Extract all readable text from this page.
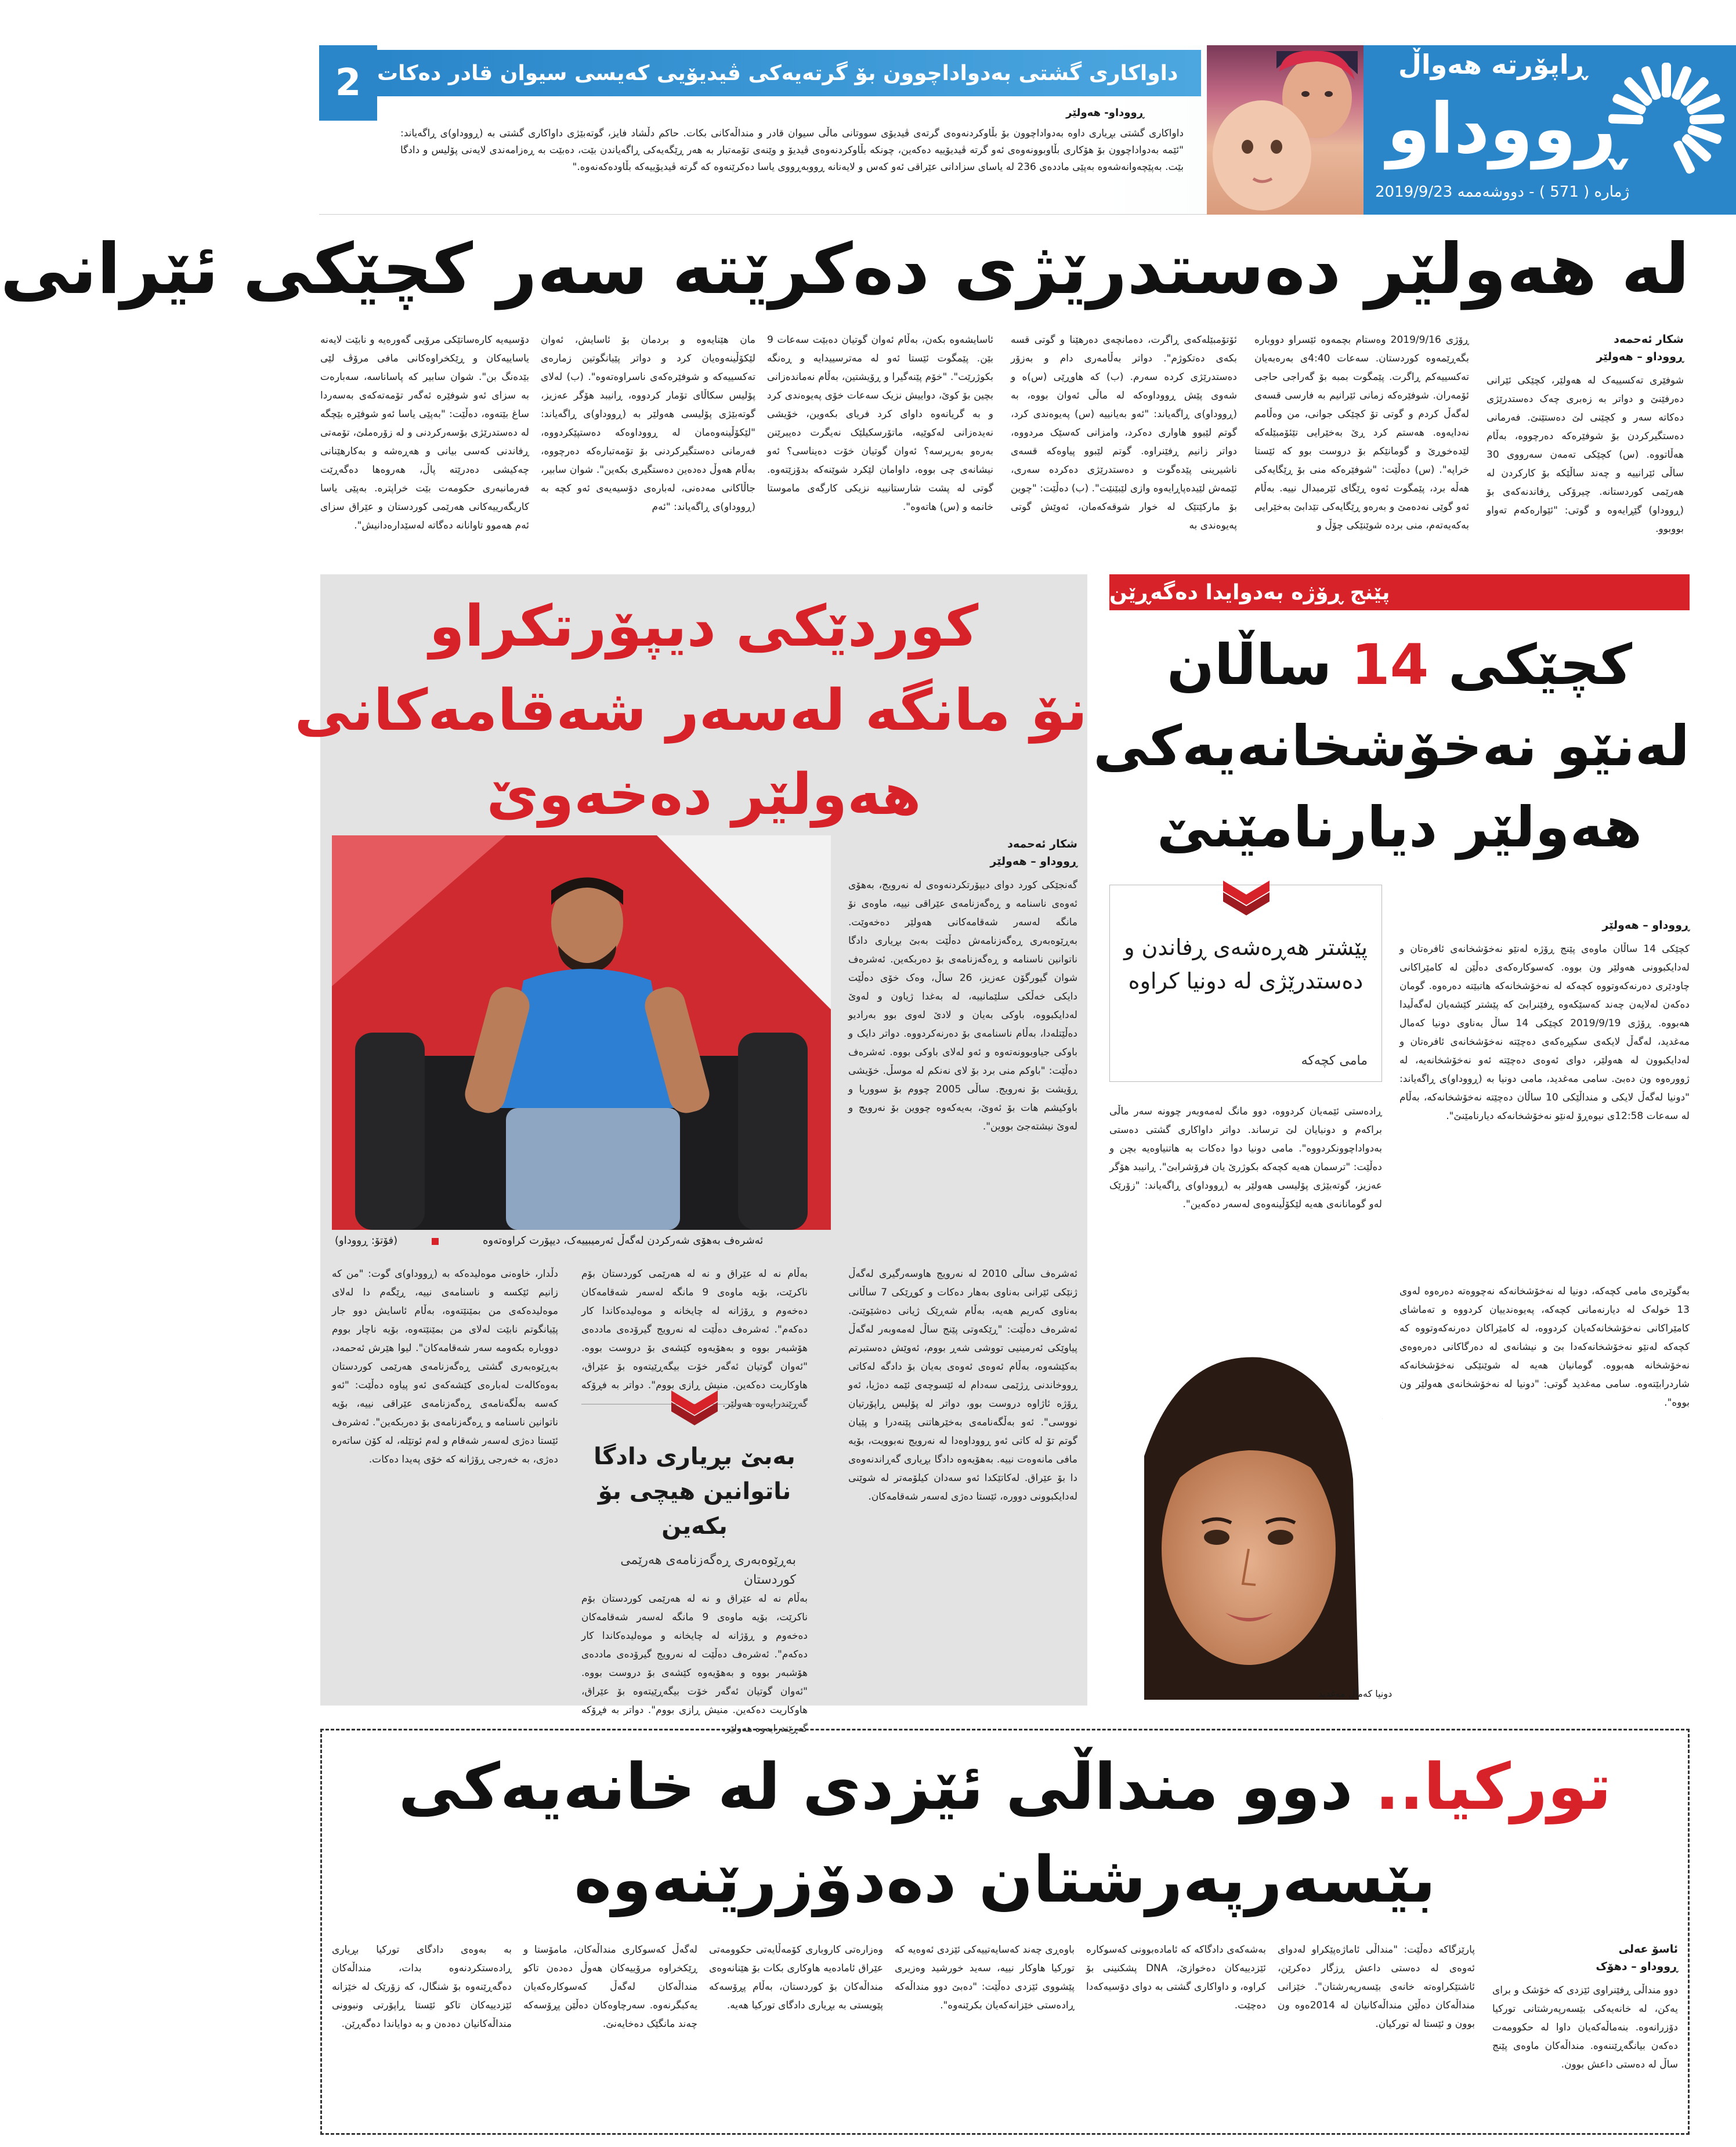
2 داواکاری گشتی بەدواداچوون بۆ گرتەیەکی ڤیدیۆیی کەیسی سیوان قادر دەکات
ڕووداو- هەولێر
داواکاری گشتی بڕیاری داوە بەدواداچوون بۆ بڵاوکردنەوەی گرتەی ڤیدیۆی سووتانی ماڵی سیوان قادر و منداڵەکانی بکات. حاکم دڵشاد فایز، گوتەبێژی داواکاری گشتی بە (ڕووداو)ی ڕاگەیاند: "ئێمە بەدواداچوون بۆ هۆکاری بڵاوبوونەوەی ئەو گرتە ڤیدیۆییە دەکەین، چونکە بڵاوکردنەوەی ڤیدیۆ و وێنەی تۆمەتبار بە هەر ڕێگەیەکی ڕاگەیاندن بێت، دەبێت بە ڕەزامەندی لایەنی پۆلیس و دادگا بێت. بەپێچەوانەشەوە بەپێی ماددەی 236 لە یاسای سزادانی عێراقی ئەو کەس و لایەنانە ڕووبەڕووی یاسا دەکرێنەوە کە گرتە ڤیدیۆییەکە بڵاودەکەنەوە."
ڕاپۆرتە هەواڵ
ڕووداو
ژمارە ( 571 ) - دووشەممە 2019/9/23
لە هەولێر دەستدرێژی دەکرێتە سەر کچێکی ئێرانی
شکار ئەحمەد
ڕووداو – هەولێر
شوفێری تەکسییەک لە هەولێر، کچێکی ئێرانی دەرفێنێ و دواتر بە زەبری چەک دەستدرێژی دەکاتە سەر و کچێنی لێ دەستێنێ. فەرمانی دەستگیرکردن بۆ شوفێرەکە دەرچووە، بەڵام هەڵاتووە. (س) کچێکی تەمەن سەرووی 30 ساڵی ئێرانییە و چەند ساڵێکە بۆ کارکردن لە هەرێمی کوردستانە. چیرۆکی ڕفاندنەکەی بۆ (ڕووداو) گێڕایەوە و گوتی: "ئێوارەکەم تەواو بووبوو.
ڕۆژی 2019/9/16 وەستام بچمەوە ئێسراو دووبارە بگەڕێمەوە کوردستان. سەعات 4:40ی بەرەبەیان تەکسییەکم ڕاگرت. پێمگوت بمبە بۆ گەراجی حاجی ئۆمەران. شوفێرەکە زمانی ئێرانیم بە فارسی قسەی لەگەڵ کردم و گوتی تۆ کچێکی جوانی، من وەڵامم نەدایەوە. هەستم کرد ڕێ بەخێرایی تێئۆمبێلەکە لێدەخوڕێ و گومانێکم بۆ دروست بوو کە ئێستا خراپە". (س) دەڵێت: "شوفێرەکە منی بۆ ڕێگایەکی هەڵە برد، پێمگوت ئەوە ڕێگای ئێرمبدال نییە. بەڵام ئەو گوێی نەدەمێ و بەرەو ڕێگایەکی تێدابێ بەخێرایی بەکەیەتەم، منی بردە شوێنێکی چۆڵ و
ئۆتۆمبێلەکەی ڕاگرت، دەمانچەی دەرهێنا و گوتی قسە بکەی دەتکوژم". دواتر بەڵامەری دام و بەزۆر دەستدرێژی کردە سەرم. (ب) کە هاوڕێی (س)ە و شەوی پێش ڕووداوەکە لە ماڵی ئەوان بووە، بە (ڕووداو)ی ڕاگەیاند: "ئەو بەیانییە (س) پەیوەندی کرد، گوتم لێبوو هاواری دەکرد، وامزانی کەسێک مردووە، دواتر زانیم ڕفێنراوە. گوتم لێبوو پیاوەکە قسەی ناشیرینی پێدەگوت و دەستدرێژی دەکردە سەری، ئێمەش لێیدەپاڕایەوە وازی لێبێنێت". (ب) دەڵێت: "چوین بۆ مارکێتێک لە خوار شوقەکەمان، ئەوێش گوتی پەیوەندی بە
ئاسایشەوە بکەن، بەڵام ئەوان گوتیان دەبێت سەعات 9 بێن. پێمگوت ئێستا ئەو لە مەترسییدایە و ڕەنگە بکوژرێت". "خۆم پێنەگیرا و ڕۆیشتین، بەڵام نەماندەزانی بچین بۆ کوێ، دواییش نزیک سەعات خۆی پەیوەندی کرد و بە گریانەوە داوای کرد فریای بکەوین، خۆیشی نەیدەزانی لەکوێیە، ماتۆرسکیلێک نەیگرت دەیبرێنن بەرەو بەرپرسە؟ ئەوان گوتیان خۆت دەیناسی؟ ئەو نیشانەی چی بووە، داوامان لێکرد شوێنەکە بدۆزێتەوە. گوتی لە پشت شارستانییە نزیکی کارگەی ماموستا خانمە و (س) هاتەوە".
مان هێنایەوە و بردمان بۆ ئاسایش، ئەوان لێکۆڵینەوەیان کرد و دواتر پێیانگوتین زمارەی تەکسییەکە و شوفێرەکەی ناسراوەتەوە". (ب) لەلای پۆلیس سکاڵای تۆمار کردووە، ڕانیبد هۆگر عەزیز، گوتەبێژی پۆلیسی هەولێر بە (ڕووداو)ی ڕاگەیاند: "لێکۆڵینەوەمان لە ڕووداوەکە دەستپێکردووە، فەرمانی دەستگیرکردنی بۆ تۆمەتبارەکە دەرچووە، بەڵام هەوڵ دەدەین دەستگیری بکەین". شوان سابیر، جاڵاکانی مەدەنی، لەبارەی دۆسیەیەی ئەو کچە بە (ڕووداو)ی ڕاگەیاند: "ئەم
دۆسیەیە کارەساتێکی مرۆیی گەورەیە و نابێت لایەنە یاساییەکان و ڕێکخراوەکانی مافی مرۆڤ لێی بێدەنگ بن". شوان سابیر کە پاساناسە، سەبارەت بە سزای ئەو شوفێرە ئەگەر تۆمەتەکەی بەسەردا ساغ بێتەوە، دەڵێت: "بەپێی یاسا ئەو شوفێرە بێچگە لە دەستدرێژی بۆسەرکردنی و لە زۆرەملێ، تۆمەتی ڕفاندنی کەسی بیانی و هەڕەشە و بەکارهێنانی چەکیشی دەدرێتە پاڵ، هەروەها دەگەڕێت فەرمانبەری حکومەت بێت خراپترە. بەپێی یاسا کاریگەرییەکانی هەرێمی کوردستان و عێراق سزای ئەم هەموو تاوانانە دەگاتە لەسێدارەدانیش".
کوردێکی دیپۆرتکراو
نۆ مانگە لەسەر شەقامەکانی
هەولێر دەخەوێ
ئەشرەف بەهۆی شەرکردن لەگەڵ ئەرمیبییەک، دیپۆرت کراوەتەوە
(فۆتۆ: ڕووداو)
شکار ئەحمەد
ڕووداو – هەولێر
گەنجێکی کورد دوای دیپۆرتکردنەوەی لە نەرویج، بەهۆی ئەوەی ناسنامە و ڕەگەزنامەی عێراقی نییە، ماوەی نۆ مانگە لەسەر شەقامەکانی هەولێر دەخەوێت. بەڕێوەبەری ڕەگەزنامەش دەڵێت بەبێ بڕیاری دادگا ناتوانین ناسنامە و ڕەگەزنامەی بۆ دەربکەین. ئەشرەف شوان گیورگۆن عەزیز، 26 ساڵ، وەک خۆی دەڵێت دایکی خەڵکی سلێمانییە، لە بەغدا ژیاون و لەوێ لەدایکبووە، باوکی بەیان و لادێ لەوی بوو بەرادیو دەڵێتلەدا، بەڵام ناسنامەی بۆ دەرنەکردووە. دواتر دایک و باوکی جیاوبوونەتەوە و ئەو لەلای باوکی بووە. ئەشرەف دەڵێت: "باوکم منی برد بۆ لای نەنکم لە موسڵ. خۆیشی ڕۆیشت بۆ نەرویج. ساڵی 2005 چووم بۆ سووریا و باوکیشم هات بۆ ئەوێ، بەیەکەوە چووین بۆ نەرویج و لەوێ نیشتەجێ بووین".
دڵدار، خاوەنی موەلیدەکە بە (ڕووداو)ی گوت: "من کە زانیم ئێکسە و ناسنامەی نییە، ڕێگەم دا لەلای موەلیدەکەی من بمێنێتەوە، بەڵام ئاسایش دوو جار پێیانگوتم نابێت لەلای من بمێنێتەوە، بۆیە ناچار بووم دووبارە بکەومە سەر شەقامەکان". لیوا هێرش ئەحمەد، بەڕێوەبەری گشتی ڕەگەزنامەی هەرێمی کوردستان بەوەکالەت لەبارەی کێشەکەی ئەو پیاوە دەڵێت: "ئەو کەسە بەڵگەنامەی ڕەگەزنامەی عێراقی نییە، بۆیە ناتوانین ناسنامە و ڕەگەزنامەی بۆ دەربکەین". ئەشرەف ئێستا دەژی لەسەر شەقام و لەم ئوتێلە، لە کۆن ساتەرە دەژی، بە خەرجی ڕۆژانە کە خۆی پەیدا دەکات.
بەڵام نە لە عێراق و نە لە هەرێمی کوردستان بۆم ناکرێت، بۆیە ماوەی 9 مانگە لەسەر شەقامەکان دەخەوم و ڕۆژانە لە چایخانە و موەلیدەکاندا کار دەکەم". ئەشرەف دەڵێت لە نەرویج گیرۆدەی ماددەی هۆشبەر بووە و بەهۆیەوە کێشەی بۆ دروست بووە. "ئەوان گوتیان ئەگەر خۆت بیگەڕێیتەوە بۆ عێراق، هاوکاریت دەکەین. منیش ڕازی بووم". دواتر بە فڕۆکە گەڕێندرایەوە هەولێر.
ئەشرەف ساڵی 2010 لە نەرویج هاوسەرگیری لەگەڵ ژنێکی ئێرانی بەناوی بەهار دەکات و کوڕێکی 7 ساڵانی بەناوی کەریم هەیە، بەڵام شەڕێک ژیانی دەشێوێنێ. ئەشرەف دەڵێت: "ڕێکەوتی پێنج ساڵ لەمەوبەر لەگەڵ پیاوێکی ئەرمینیی تووشی شەڕ بووم، ئەوێش دەستبرتم بەکێشەوە، بەڵام ئەوەی ئەوەی بەیان بۆ دادگە لەکاتی ڕووخاندنی ڕژێمی سەدام لە ئێسوچەی ئێمە دەژیا، ئەو ڕۆژە ئاژاوە دروست بوو، دواتر لە پۆلیس ڕاپۆرتیان نووسی". ئەو بەڵگەنامەی بەخێرهاتنی پێنەدرا و پێیان گوتم تۆ لە کاتی ئەو ڕووداوەدا لە نەرویج نەبوویت، بۆیە مافی مانەوەت نییە. بەهۆیەوە دادگا بڕیاری گەڕاندنەوەی دا بۆ عێراق. لەکاتێکدا ئەو سەدان کیلۆمەتر لە شوێنی لەدایکبوونی دوورە، ئێستا دەژی لەسەر شەقامەکان.
بەبێ بڕیاری دادگا ناتوانین هیچی بۆ بکەین
بەڕێوەبەری ڕەگەزنامەی هەرێمی کوردستان
بەڵام نە لە عێراق و نە لە هەرێمی کوردستان بۆم ناکرێت، بۆیە ماوەی 9 مانگە لەسەر شەقامەکان دەخەوم و ڕۆژانە لە چایخانە و موەلیدەکاندا کار دەکەم". ئەشرەف دەڵێت لە نەرویج گیرۆدەی ماددەی هۆشبەر بووە و بەهۆیەوە کێشەی بۆ دروست بووە. "ئەوان گوتیان ئەگەر خۆت بیگەڕێیتەوە بۆ عێراق، هاوکاریت دەکەین. منیش ڕازی بووم". دواتر بە فڕۆکە گەڕێندرایەوە هەولێر.
پێنج ڕۆژە بەدوایدا دەگەڕێن
کچێکی 14 ساڵان
لەنێو نەخۆشخانەیەکی
هەولێر دیارنامێنێ
پێشتر هەڕەشەی ڕفاندن و دەستدرێژی لە دونیا کراوە
مامی کچەکە
ڕووداو – هەولێر
کچێکی 14 ساڵان ماوەی پێنج ڕۆژە لەنێو نەخۆشخانەی ئافرەتان و لەدایکبوونی هەولێر ون بووە. کەسوکارەکەی دەڵێن لە کامێراکانی چاودێری دەرنەکەوتووە کچەکە لە نەخۆشخانەکە هاتبێتە دەرەوە. گومان دەکەن لەلایەن چەند کەسێکەوە ڕفێنرابێ کە پێشتر کێشەیان لەگەڵیدا هەبووە. ڕۆژی 2019/9/19 کچێکی 14 ساڵ بەناوی دونیا کەمال مەغدید، لەگەڵ لایکەی سکپڕەکەی دەچێتە نەخۆشخانەی ئافرەتان و لەدایکبوون لە هەولێر، دوای ئەوەی دەچێتە ئەو نەخۆشخانەیە، لە ژوورەوە ون دەبێ. سامی مەغدید، مامی دونیا بە (ڕووداو)ی ڕاگەیاند: "دونیا لەگەڵ لایکی و منداڵێکی 10 ساڵان دەچێتە نەخۆشخانەکە، بەڵام لە سەعات 12:58ی نیوەڕۆ لەنێو نەخۆشخانەکە دیارنامێنێ".
بەگوێرەی مامی کچەکە، دونیا لە نەخۆشخانەکە نەچووەتە دەرەوە لەوی 13 خولەک لە دیارنەمانی کچەکە، پەیوەندییان کردووە و تەماشای کامێراکانی نەخۆشخانەکەیان کردووە، لە کامێراکان دەرنەکەوتووە کە کچەکە لەنێو نەخۆشخانەکەدا بێ و نیشانەی لە دەرگاکانی دەرەوەی نەخۆشخانە هەبووە. گومانیان هەیە لە شوێنێکی نەخۆشخانەکە شاردرابێتەوە. سامی مەغدید گوتی: "دونیا لە نەخۆشخانەی هەولێر ون بووە".
ڕادەستی ئێمەیان کردووە، دوو مانگ لەمەوبەر چوونە سەر ماڵی براکەم و دونیایان لێ ترساند. دواتر داواکاری گشتی دەستی بەدواداچوونکردووە". مامی دونیا دوا دەکات بە هاتنیاوەیە بچن و دەڵێت: "ترسمان هەیە کچەکە بکوژرێ یان فرۆشرابێ". ڕانیبد هۆگر عەزیز، گوتەبێژی پۆلیسی هەولێر بە (ڕووداو)ی ڕاگەیاند: "زۆرێک لەو گومانانەی هەیە لێکۆڵینەوەی لەسەر دەکەین".
دونیا کەمال مەغدید
تورکیا.. دوو منداڵی ئێزدی لە خانەیەکی
بێسەرپەرشتان دەدۆزرێنەوە
ئاسۆ عەلی
ڕووداو – دهۆک
دوو منداڵی ڕفێنراوی ئێزدی کە خۆشک و برای یەکن، لە خانەیەکی بێسەرپەرشتانی تورکیا دۆزرانەوە. بنەماڵەکەیان داوا لە حکوومەت دەکەن بیانگەڕێننەوە. منداڵەکان ماوەی پێنج ساڵ لە دەستی داعش بوون.
پارێزگاکە دەڵێت: "منداڵی ئاماژەپێکراو لەدوای ئەوەی لە دەستی داعش ڕزگار دەکرێن، ئاشتێکراوەتە خانەی بێسەرپەرشتان". خێزانی منداڵەکان دەڵێن منداڵەکانیان لە 2014ەوە ون بوون و ئێستا لە تورکیان.
بەشەکەی دادگاکە کە ئامادەبوونی کەسوکارە ئێزدییەکان دەخوازێ، DNA پشکنینی بۆ کراوە، و داواکاری گشتی بە دوای دۆسیەکەدا دەچێت.
باوەڕی چەند کەسایەتییەکی ئێزدی ئەوەیە کە تورکیا هاوکار نییە، سەید خورشید وەزیری پێشووی ئێزدی دەڵێت: "دەبێ دوو منداڵەکە ڕادەستی خێزانەکەیان بکرێنەوە".
وەزارەتی کاروباری کۆمەڵایەتی حکوومەتی عێراق ئامادەیە هاوکاری بکات بۆ هێنانەوەی منداڵەکان بۆ کوردستان، بەڵام پڕۆسەکە پێویستی بە بڕیاری دادگای تورکیا هەیە.
لەگەڵ کەسوکاری منداڵەکان، مامۆستا و ڕێکخراوە مرۆییەکان هەوڵ دەدەن تاکو منداڵەکان لەگەڵ کەسوکارەکەیان یەکبگرنەوە. سەرچاوەکان دەڵێن پڕۆسەکە چەند مانگێک دەخایەنێ.
بە بەوەی دادگای تورکیا بڕیاری ڕادەستکردنەوە بدات، منداڵەکان دەگەڕێنەوە بۆ شنگال، کە زۆرێک لە خێزانە ئێزدییەکان تاکو ئێستا ڕاپۆرتی ونبوونی منداڵەکانیان دەدەن و بە دوایاندا دەگەڕێن.
